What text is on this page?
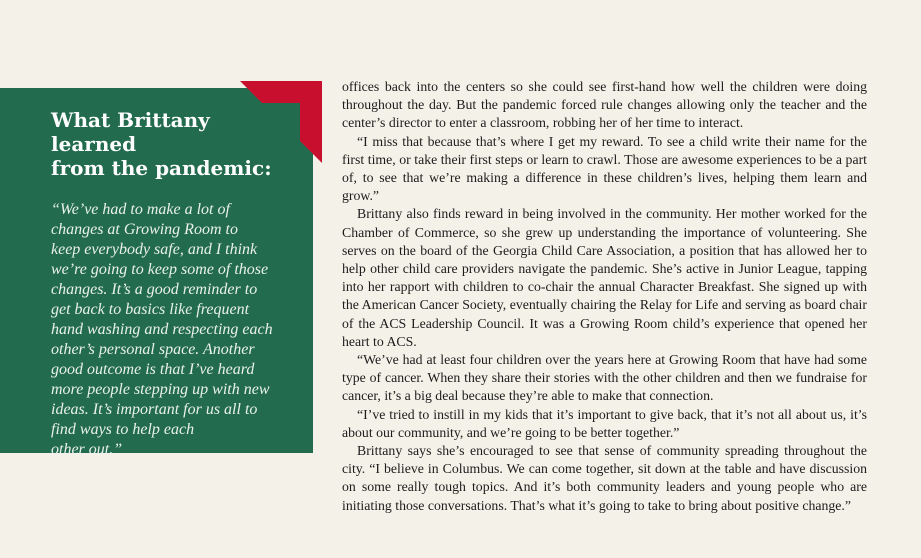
What Brittany learned
from the pandemic:

“We’ve had to make a lot of
changes at Growing Room to
keep everybody safe, and I think
we’re going to keep some of those
changes. It’s a good reminder to
get back to basics like frequent
hand washing and respecting each
other’s personal space. Another
good outcome is that I’ve heard
more people stepping up with new
ideas. It’s important for us all to
find ways to help each
other out.”

offices back into the centers so she could see first-hand how well the children were doing throughout the day. But the pandemic forced rule changes allowing only the teacher and the center’s director to enter a classroom, robbing her of her time to interact.

“I miss that because that’s where I get my reward. To see a child write their name for the first time, or take their first steps or learn to crawl. Those are awesome experiences to be a part of, to see that we’re making a difference in these children’s lives, helping them learn and grow.”

Brittany also finds reward in being involved in the community. Her mother worked for the Chamber of Commerce, so she grew up understanding the importance of volunteering. She serves on the board of the Georgia Child Care Association, a position that has allowed her to help other child care providers navigate the pandemic. She’s active in Junior League, tapping into her rapport with children to co-chair the annual Character Breakfast. She signed up with the American Cancer Society, eventually chairing the Relay for Life and serving as board chair of the ACS Leadership Council. It was a Growing Room child’s experience that opened her heart to ACS.

“We’ve had at least four children over the years here at Growing Room that have had some type of cancer. When they share their stories with the other children and then we fundraise for cancer, it’s a big deal because they’re able to make that connection.

“I’ve tried to instill in my kids that it’s important to give back, that it’s not all about us, it’s about our community, and we’re going to be better together.”

Brittany says she’s encouraged to see that sense of community spreading throughout the city. “I believe in Columbus. We can come together, sit down at the table and have discussion on some really tough topics. And it’s both community leaders and young people who are initiating those conversations. That’s what it’s going to take to bring about positive change.”
